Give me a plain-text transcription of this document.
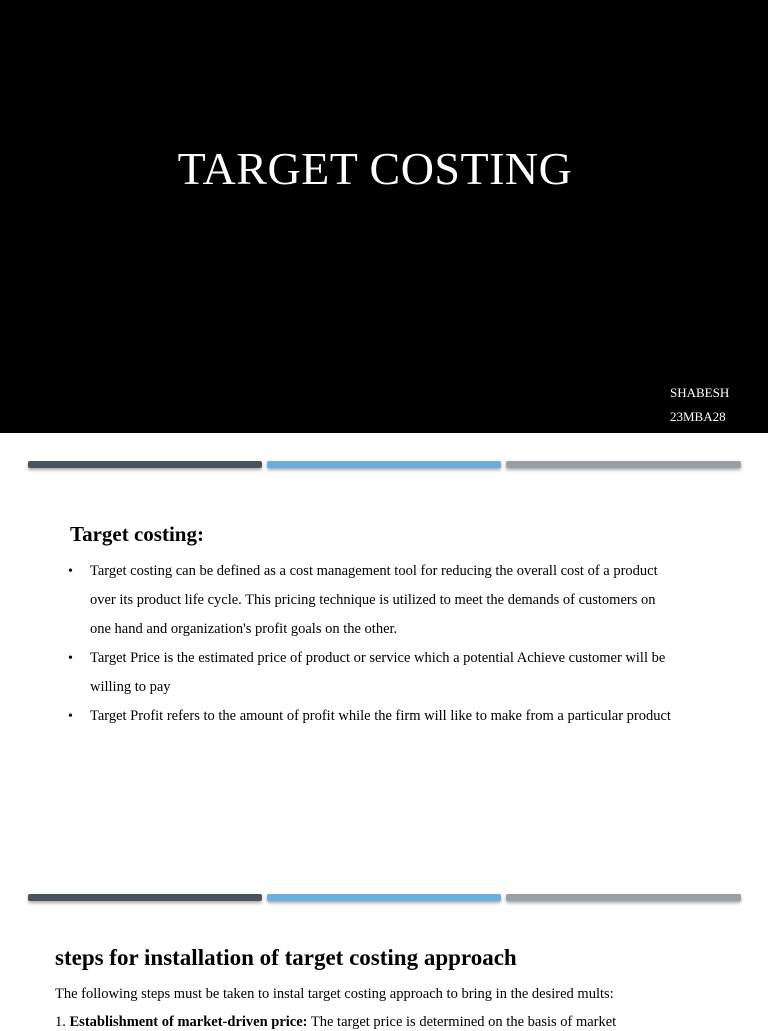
TARGET COSTING
SHABESH
23MBA28
Target costing:
• Target costing can be defined as a cost management tool for reducing the overall cost of a product over its product life cycle. This pricing technique is utilized to meet the demands of customers on one hand and organization's profit goals on the other.
• Target Price is the estimated price of product or service which a potential Achieve customer will be willing to pay
• Target Profit refers to the amount of profit while the firm will like to make from a particular product
steps for installation of target costing approach
The following steps must be taken to instal target costing approach to bring in the desired mults:
1. Establishment of market-driven price: The target price is determined on the basis of market
